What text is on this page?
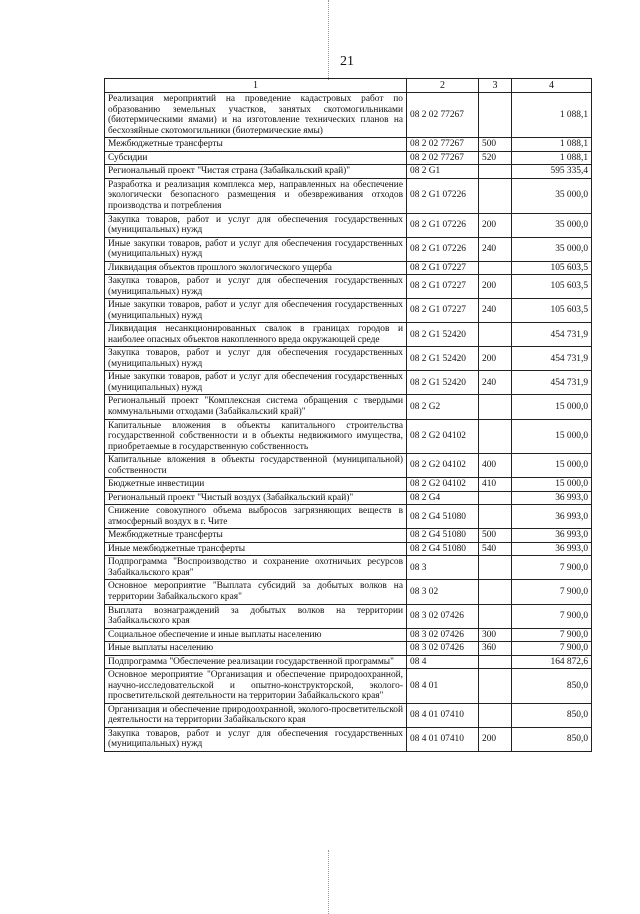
21
1	2	3	4
Реализация мероприятий на проведение кадастровых работ по образованию земельных участков, занятых скотомогильниками (биотермическими ямами) и на изготовление технических планов на бесхозяйные скотомогильники (биотермические ямы)	08 2 02 77267		1 088,1
Межбюджетные трансферты	08 2 02 77267	500	1 088,1
Субсидии	08 2 02 77267	520	1 088,1
Региональный проект "Чистая страна (Забайкальский край)"	08 2 G1		595 335,4
Разработка и реализация комплекса мер, направленных на обеспечение экологически безопасного размещения и обезвреживания отходов производства и потребления	08 2 G1 07226		35 000,0
Закупка товаров, работ и услуг для обеспечения государственных (муниципальных) нужд	08 2 G1 07226	200	35 000,0
Иные закупки товаров, работ и услуг для обеспечения государственных (муниципальных) нужд	08 2 G1 07226	240	35 000,0
Ликвидация объектов прошлого экологического ущерба	08 2 G1 07227		105 603,5
Закупка товаров, работ и услуг для обеспечения государственных (муниципальных) нужд	08 2 G1 07227	200	105 603,5
Иные закупки товаров, работ и услуг для обеспечения государственных (муниципальных) нужд	08 2 G1 07227	240	105 603,5
Ликвидация несанкционированных свалок в границах городов и наиболее опасных объектов накопленного вреда окружающей среде	08 2 G1 52420		454 731,9
Закупка товаров, работ и услуг для обеспечения государственных (муниципальных) нужд	08 2 G1 52420	200	454 731,9
Иные закупки товаров, работ и услуг для обеспечения государственных (муниципальных) нужд	08 2 G1 52420	240	454 731,9
Региональный проект "Комплексная система обращения с твердыми коммунальными отходами (Забайкальский край)"	08 2 G2		15 000,0
Капитальные вложения в объекты капитального строительства государственной собственности и в объекты недвижимого имущества, приобретаемые в государственную собственность	08 2 G2 04102		15 000,0
Капитальные вложения в объекты государственной (муниципальной) собственности	08 2 G2 04102	400	15 000,0
Бюджетные инвестиции	08 2 G2 04102	410	15 000,0
Региональный проект "Чистый воздух (Забайкальский край)"	08 2 G4		36 993,0
Снижение совокупного объема выбросов загрязняющих веществ в атмосферный воздух в г. Чите	08 2 G4 51080		36 993,0
Межбюджетные трансферты	08 2 G4 51080	500	36 993,0
Иные межбюджетные трансферты	08 2 G4 51080	540	36 993,0
Подпрограмма "Воспроизводство и сохранение охотничьих ресурсов Забайкальского края"	08 3		7 900,0
Основное мероприятие "Выплата субсидий за добытых волков на территории Забайкальского края"	08 3 02		7 900,0
Выплата вознаграждений за добытых волков на территории Забайкальского края	08 3 02 07426		7 900,0
Социальное обеспечение и иные выплаты населению	08 3 02 07426	300	7 900,0
Иные выплаты населению	08 3 02 07426	360	7 900,0
Подпрограмма "Обеспечение реализации государственной программы"	08 4		164 872,6
Основное мероприятие "Организация и обеспечение природоохранной, научно-исследовательской и опытно-конструкторской, эколого-просветительской деятельности на территории Забайкальского края"	08 4 01		850,0
Организация и обеспечение природоохранной, эколого-просветительской деятельности на территории Забайкальского края	08 4 01 07410		850,0
Закупка товаров, работ и услуг для обеспечения государственных (муниципальных) нужд	08 4 01 07410	200	850,0
